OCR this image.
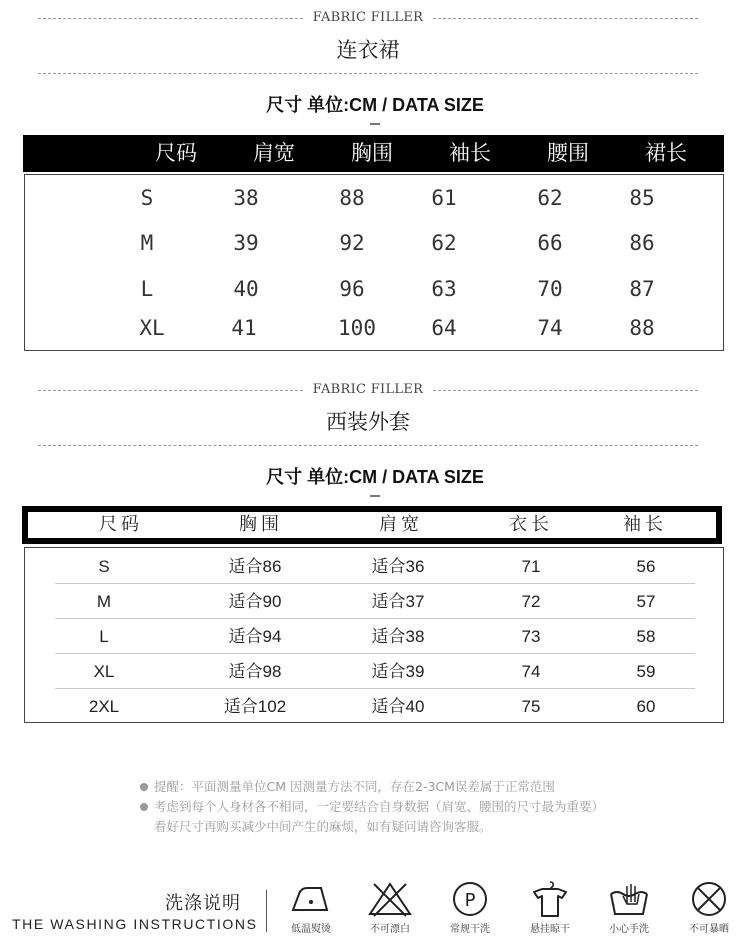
FABRIC FILLER
连衣裙
尺寸 单位:CM / DATA SIZE
尺码	肩宽	胸围	袖长	腰围	裙长
S	38	88	61	62	85
M	39	92	62	66	86
L	40	96	63	70	87
XL	41	100	64	74	88
FABRIC FILLER
西装外套
尺寸 单位:CM / DATA SIZE
尺码	胸围	肩宽	衣长	袖长
S	适合86	适合36	71	56
M	适合90	适合37	72	57
L	适合94	适合38	73	58
XL	适合98	适合39	74	59
2XL	适合102	适合40	75	60
提醒：平面测量单位CM 因测量方法不同，存在2-3CM误差属于正常范围
考虑到每个人身材各不相同，一定要结合自身数据（肩宽、腰围的尺寸最为重要）看好尺寸再购买减少中间产生的麻烦，如有疑问请咨询客服。
洗涤说明
THE WASHING INSTRUCTIONS	低温熨烫	不可漂白
P
常规干洗	悬挂晾干	小心手洗	不可暴晒
